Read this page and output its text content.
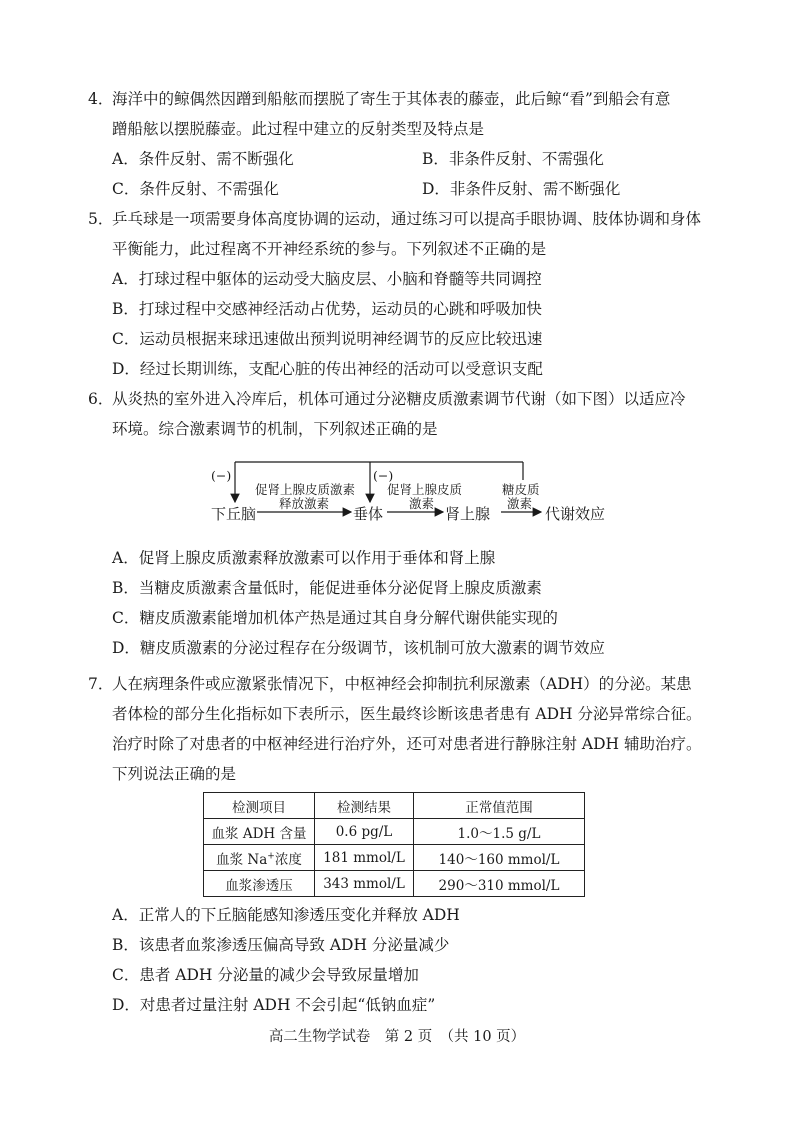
4．海洋中的鲸偶然因蹭到船舷而摆脱了寄生于其体表的藤壶，此后鲸“看”到船会有意
蹭船舷以摆脱藤壶。此过程中建立的反射类型及特点是
A．条件反射、需不断强化	B．非条件反射、不需强化
C．条件反射、不需强化	D．非条件反射、需不断强化
5．乒乓球是一项需要身体高度协调的运动，通过练习可以提高手眼协调、肢体协调和身体
平衡能力，此过程离不开神经系统的参与。下列叙述不 ·正 ·确 ·的是
A．打球过程中躯体的运动受大脑皮层、小脑和脊髓等共同调控
B．打球过程中交感神经活动占优势，运动员的心跳和呼吸加快
C．运动员根据来球迅速做出预判说明神经调节的反应比较迅速
D．经过长期训练，支配心脏的传出神经的活动可以受意识支配
6．从炎热的室外进入冷库后，机体可通过分泌糖皮质激素调节代谢（如下图）以适应冷
环境。综合激素调节的机制，下列叙述正确的是
(−)	(−)
促肾上腺皮质激素
释放激素
促肾上腺皮质
激素
糖皮质
激素
下丘脑	垂体	肾上腺	代谢效应
A．促肾上腺皮质激素释放激素可以作用于垂体和肾上腺
B．当糖皮质激素含量低时，能促进垂体分泌促肾上腺皮质激素
C．糖皮质激素能增加机体产热是通过其自身分解代谢供能实现的
D．糖皮质激素的分泌过程存在分级调节，该机制可放大激素的调节效应
7．人在病理条件或应激紧张情况下，中枢神经会抑制抗利尿激素（ADH）的分泌。某患
者体检的部分生化指标如下表所示，医生最终诊断该患者患有 ADH 分泌异常综合征。
治疗时除了对患者的中枢神经进行治疗外，还可对患者进行静脉注射 ADH 辅助治疗。
下列说法正确的是
检测项目	检测结果	正常值范围
血浆 ADH 含量	0.6 pg/L	1.0～1.5 g/L
血浆 Na+浓度	181 mmol/L	140～160 mmol/L
血浆渗透压	343 mmol/L	290～310 mmol/L
A．正常人的下丘脑能感知渗透压变化并释放 ADH
B．该患者血浆渗透压偏高导致 ADH 分泌量减少
C．患者 ADH 分泌量的减少会导致尿量增加
D．对患者过量注射 ADH 不会引起“低钠血症”
高二生物学试卷　第 2 页　（共 10 页）
